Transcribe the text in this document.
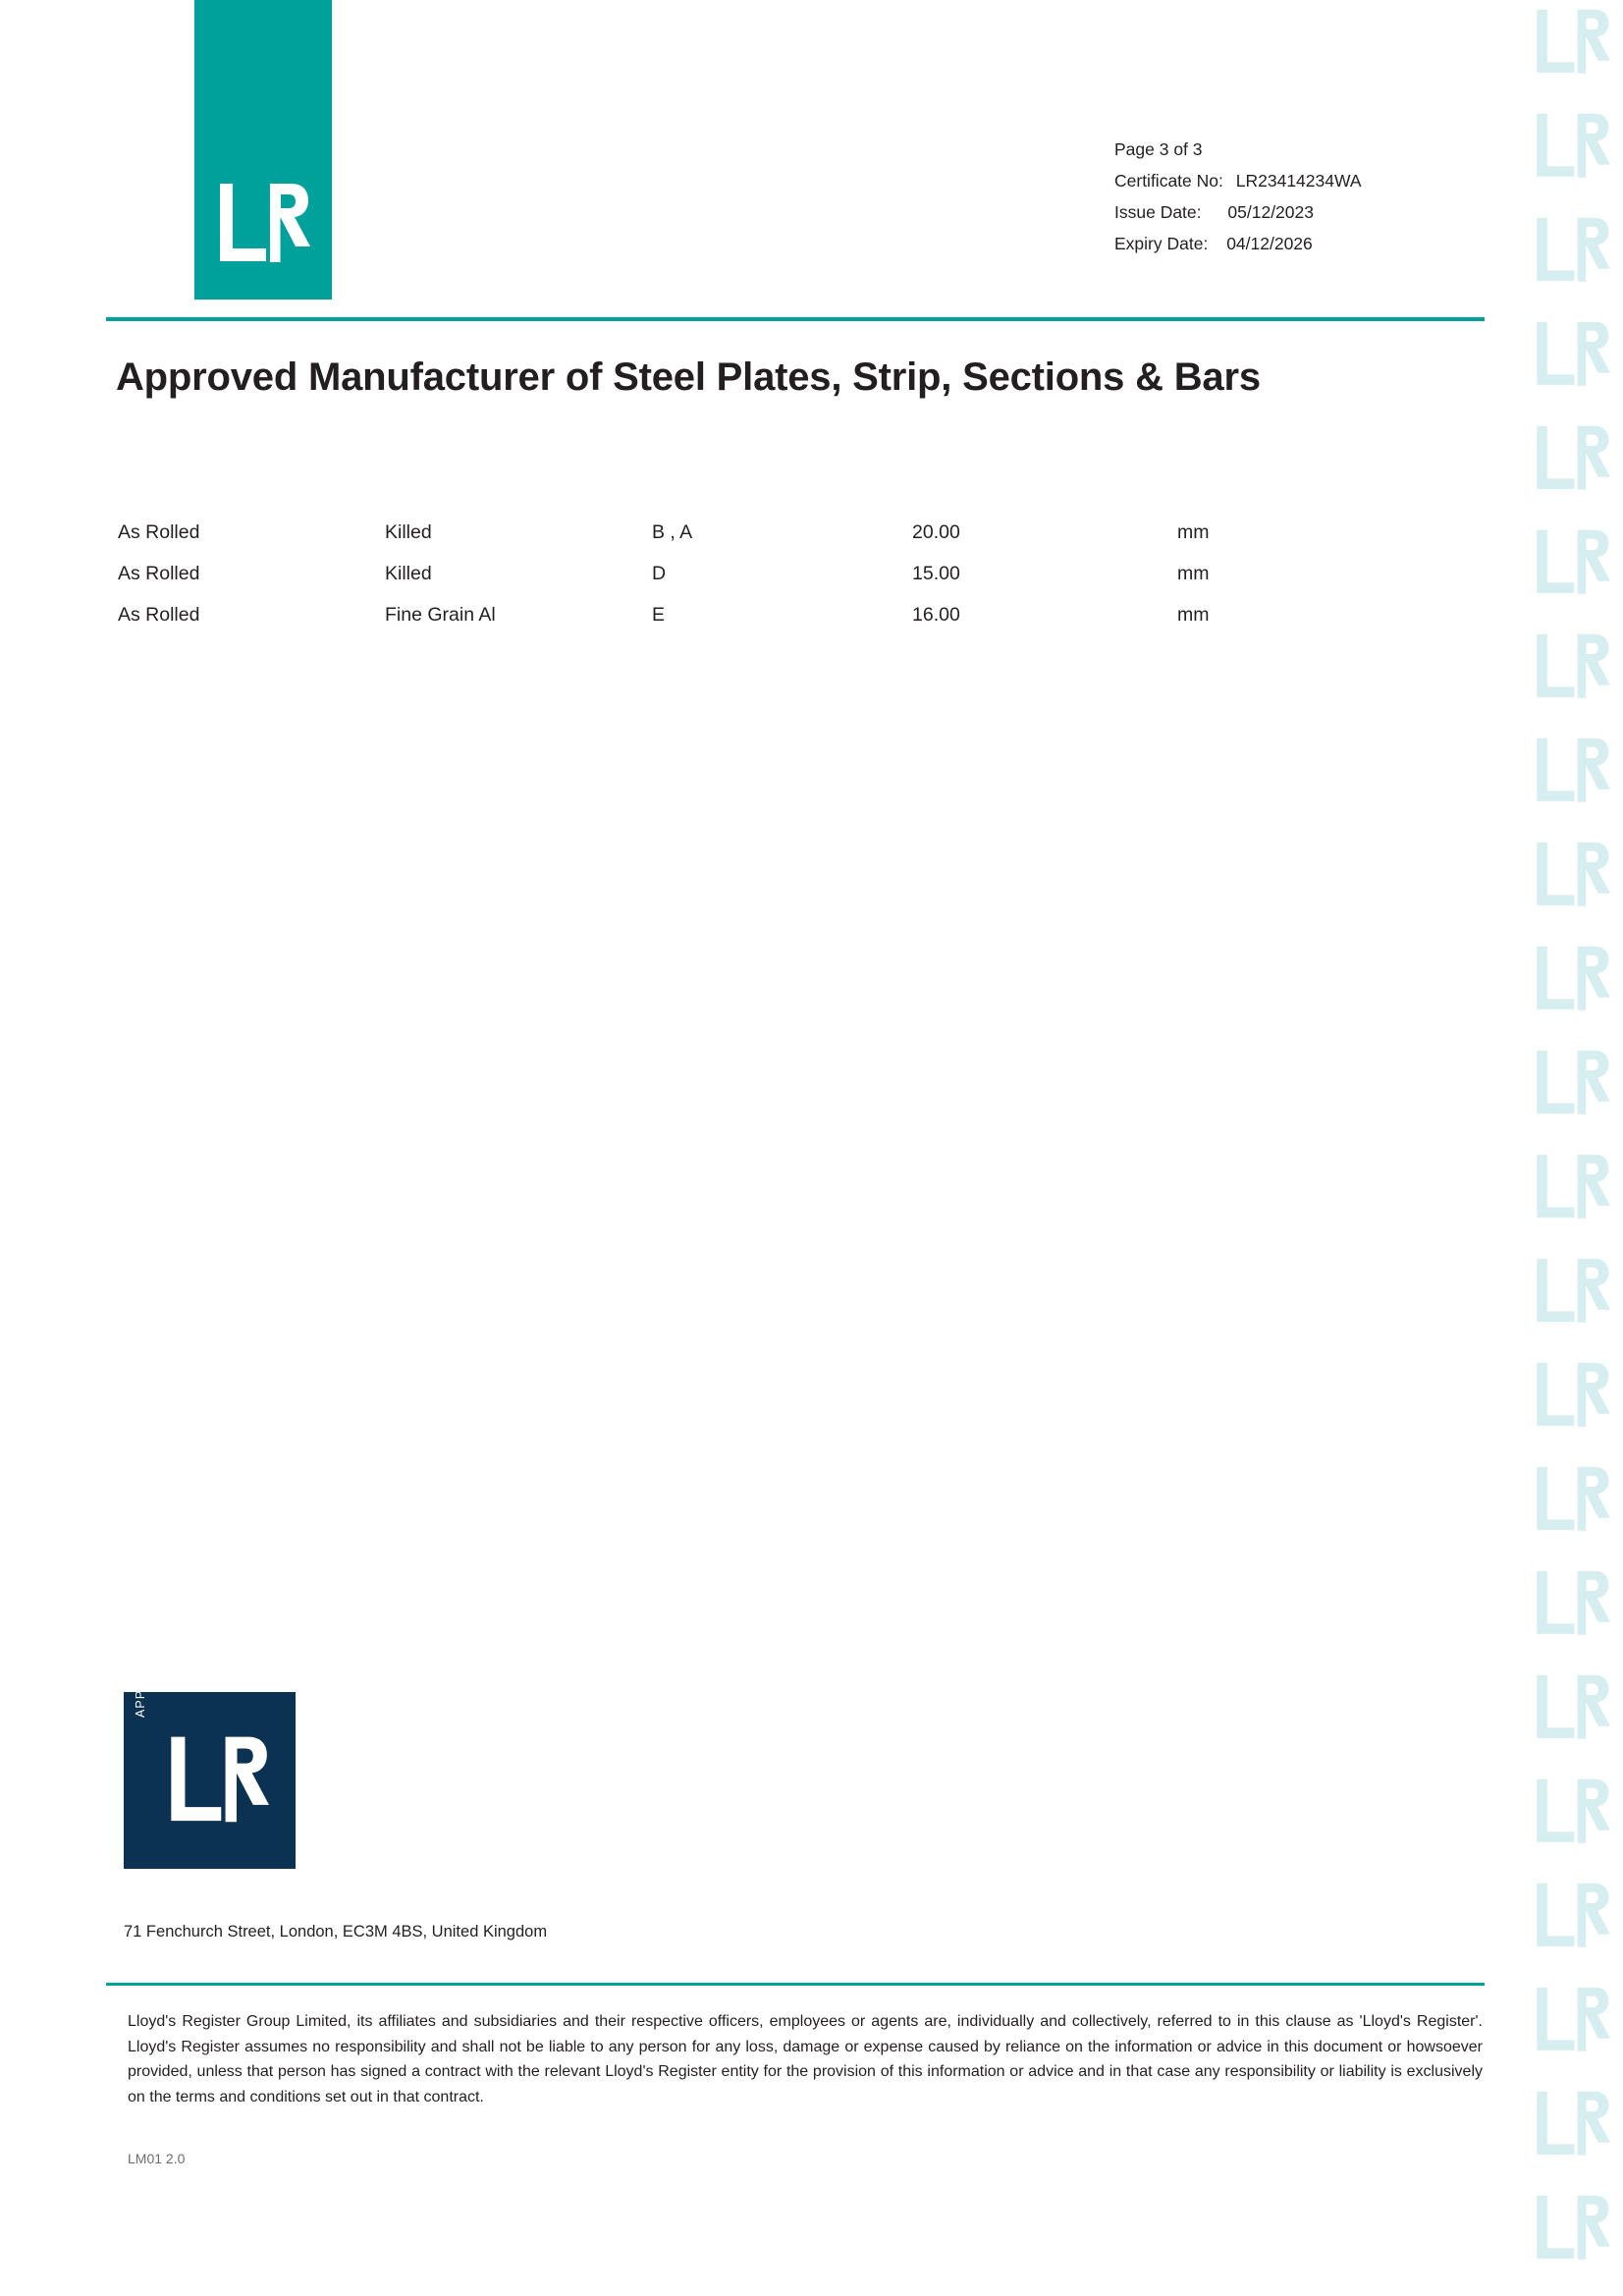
Page 3 of 3
Certificate No: LR23414234WA
Issue Date: 05/12/2023
Expiry Date: 04/12/2026
Approved Manufacturer of Steel Plates, Strip, Sections & Bars
As Rolled	Killed	B , A	20.00	mm
As Rolled	Killed	D	15.00	mm
As Rolled	Fine Grain Al	E	16.00	mm
APPROVED
71 Fenchurch Street, London, EC3M 4BS, United Kingdom
Lloyd's Register Group Limited, its affiliates and subsidiaries and their respective officers, employees or agents are, individually and collectively, referred to in this clause as 'Lloyd's Register'. Lloyd's Register assumes no responsibility and shall not be liable to any person for any loss, damage or expense caused by reliance on the information or advice in this document or howsoever provided, unless that person has signed a contract with the relevant Lloyd's Register entity for the provision of this information or advice and in that case any responsibility or liability is exclusively on the terms and conditions set out in that contract.
LM01 2.0
